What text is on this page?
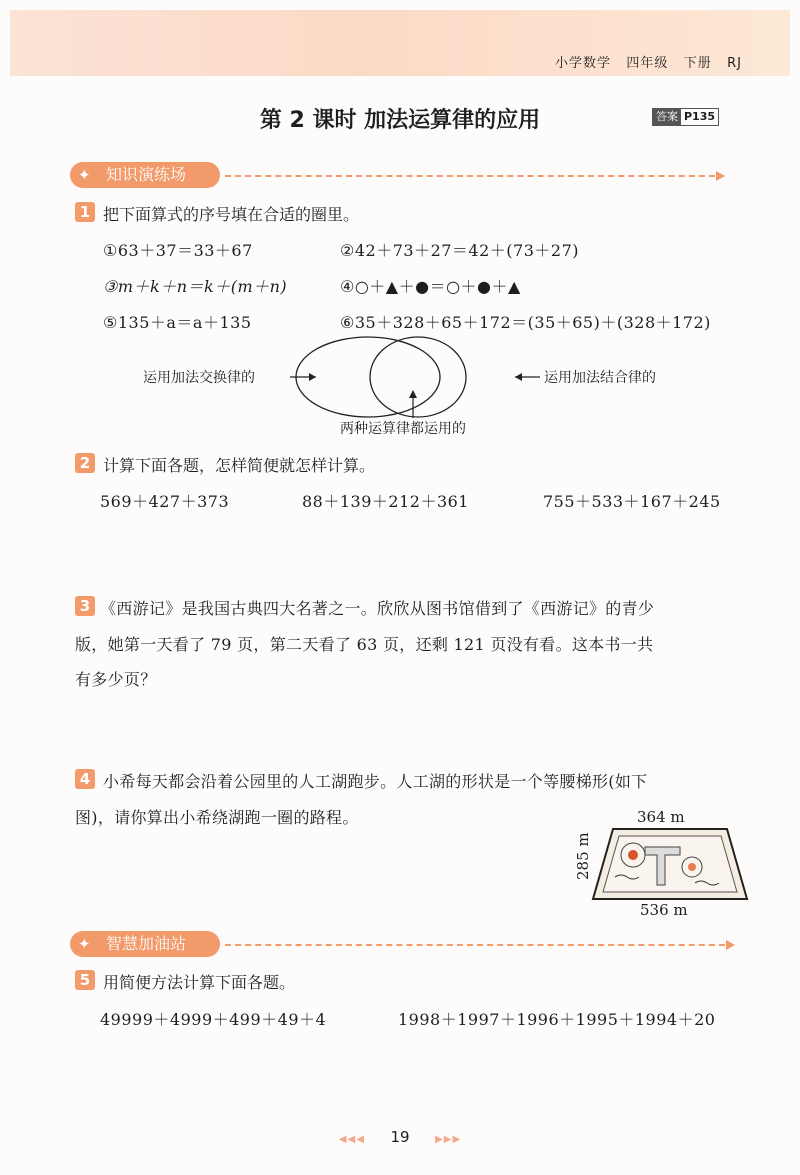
小学数学   四年级   下册   RJ
第 2 课时 加法运算律的应用	答案 P135
✦ 知识演练场
1 把下面算式的序号填在合适的圈里。
①63＋37＝33＋67	②42＋73＋27＝42＋(73＋27)
③m＋k＋n＝k＋(m＋n)	④○＋▲＋●＝○＋●＋▲
⑤135＋a＝a＋135	⑥35＋328＋65＋172＝(35＋65)＋(328＋172)
运用加法交换律的	运用加法结合律的
两种运算律都运用的
2 计算下面各题，怎样简便就怎样计算。
569＋427＋373	88＋139＋212＋361	755＋533＋167＋245
3 《西游记》是我国古典四大名著之一。欣欣从图书馆借到了《西游记》的青少
版，她第一天看了 79 页，第二天看了 63 页，还剩 121 页没有看。这本书一共
有多少页？
4 小希每天都会沿着公园里的人工湖跑步。人工湖的形状是一个等腰梯形(如下
图)，请你算出小希绕湖跑一圈的路程。	364 m
285 m
536 m
✦ 智慧加油站
5 用简便方法计算下面各题。
49999＋4999＋499＋49＋4	1998＋1997＋1996＋1995＋1994＋20
◀◀◀ 19	▶▶▶
